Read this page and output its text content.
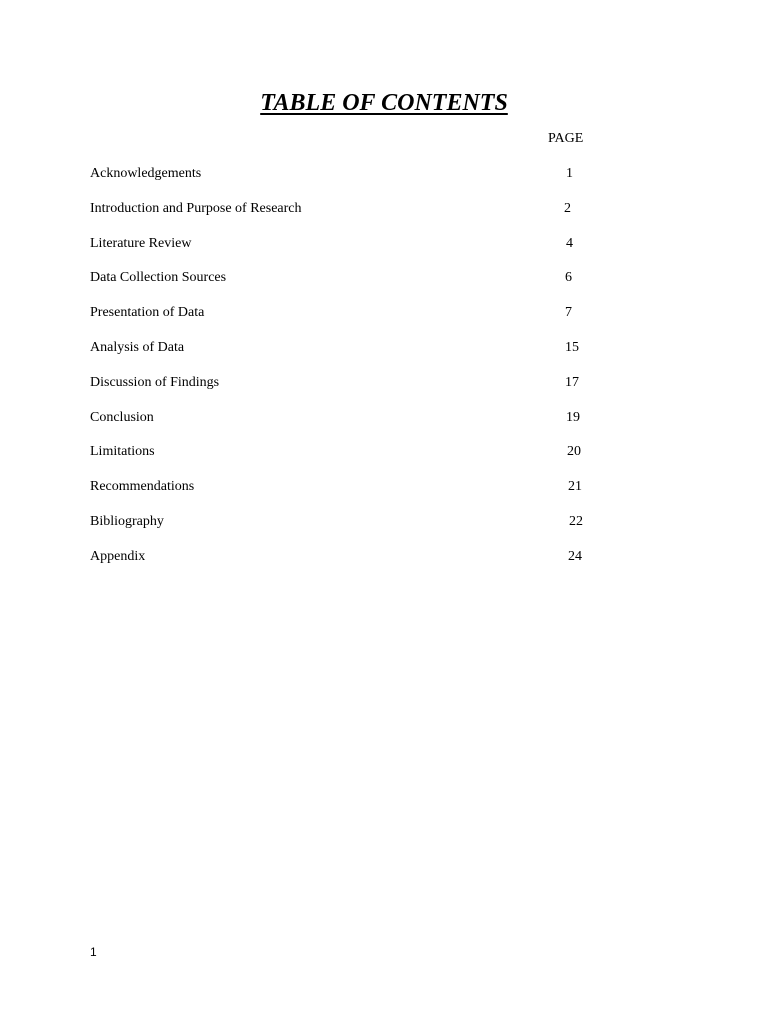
TABLE OF CONTENTS
PAGE
Acknowledgements	1
Introduction and Purpose of Research	2
Literature Review	4
Data Collection Sources	6
Presentation of Data	7
Analysis of Data	15
Discussion of Findings	17
Conclusion	19
Limitations	20
Recommendations	21
Bibliography	22
Appendix	24
1
